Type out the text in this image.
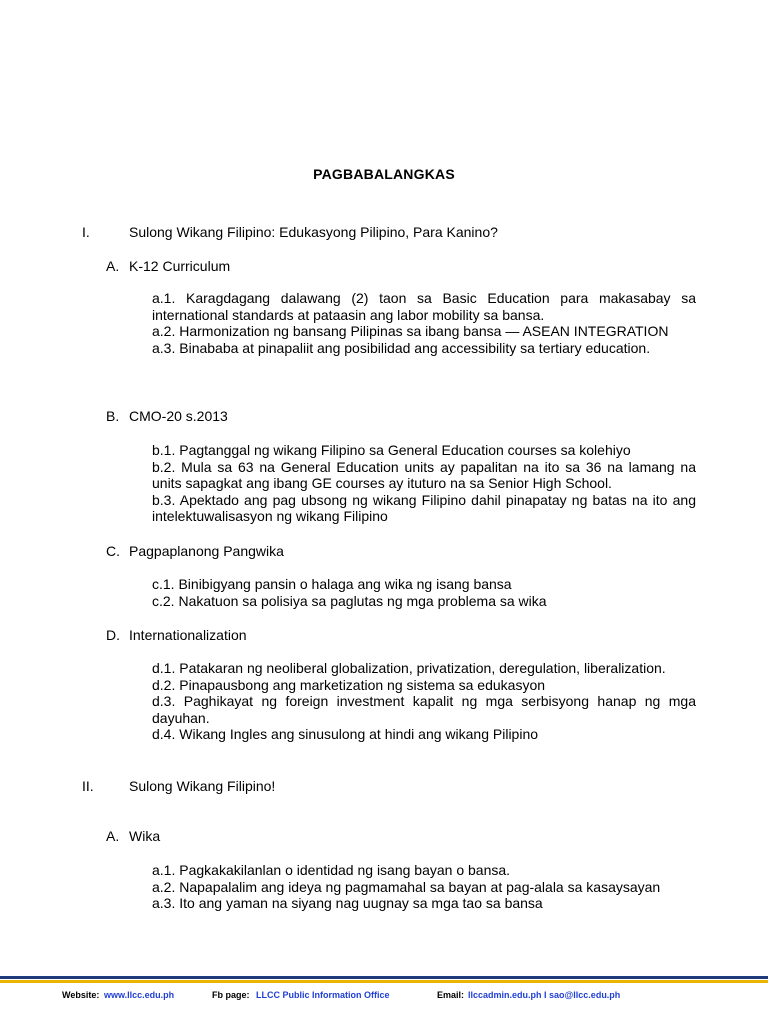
PAGBABALANGKAS
I.	Sulong Wikang Filipino: Edukasyong Pilipino, Para Kanino?
A. K-12 Curriculum

a.1. Karagdagang dalawang (2) taon sa Basic Education para makasabay sa international standards at pataasin ang labor mobility sa bansa.

a.2. Harmonization ng bansang Pilipinas sa ibang bansa — ASEAN INTEGRATION

a.3. Binababa at pinapaliit ang posibilidad ang accessibility sa tertiary education.

B. CMO-20 s.2013

b.1. Pagtanggal ng wikang Filipino sa General Education courses sa kolehiyo

b.2. Mula sa 63 na General Education units ay papalitan na ito sa 36 na lamang na units sapagkat ang ibang GE courses ay ituturo na sa Senior High School.

b.3. Apektado ang pag ubsong ng wikang Filipino dahil pinapatay ng batas na ito ang intelektuwalisasyon ng wikang Filipino

C. Pagpaplanong Pangwika

c.1. Binibigyang pansin o halaga ang wika ng isang bansa

c.2. Nakatuon sa polisiya sa paglutas ng mga problema sa wika

D. Internationalization

d.1. Patakaran ng neoliberal globalization, privatization, deregulation, liberalization.

d.2. Pinapausbong ang marketization ng sistema sa edukasyon

d.3. Paghikayat ng foreign investment kapalit ng mga serbisyong hanap ng mga dayuhan.

d.4. Wikang Ingles ang sinusulong at hindi ang wikang Pilipino

II.	Sulong Wikang Filipino!
A. Wika

a.1. Pagkakakilanlan o identidad ng isang bayan o bansa.

a.2. Napapalalim ang ideya ng pagmamahal sa bayan at pag-alala sa kasaysayan

a.3. Ito ang yaman na siyang nag uugnay sa mga tao sa bansa

Website: www.llcc.edu.ph	Fb page: LLCC Public Information Office	Email: llccadmin.edu.ph I sao@llcc.edu.ph
